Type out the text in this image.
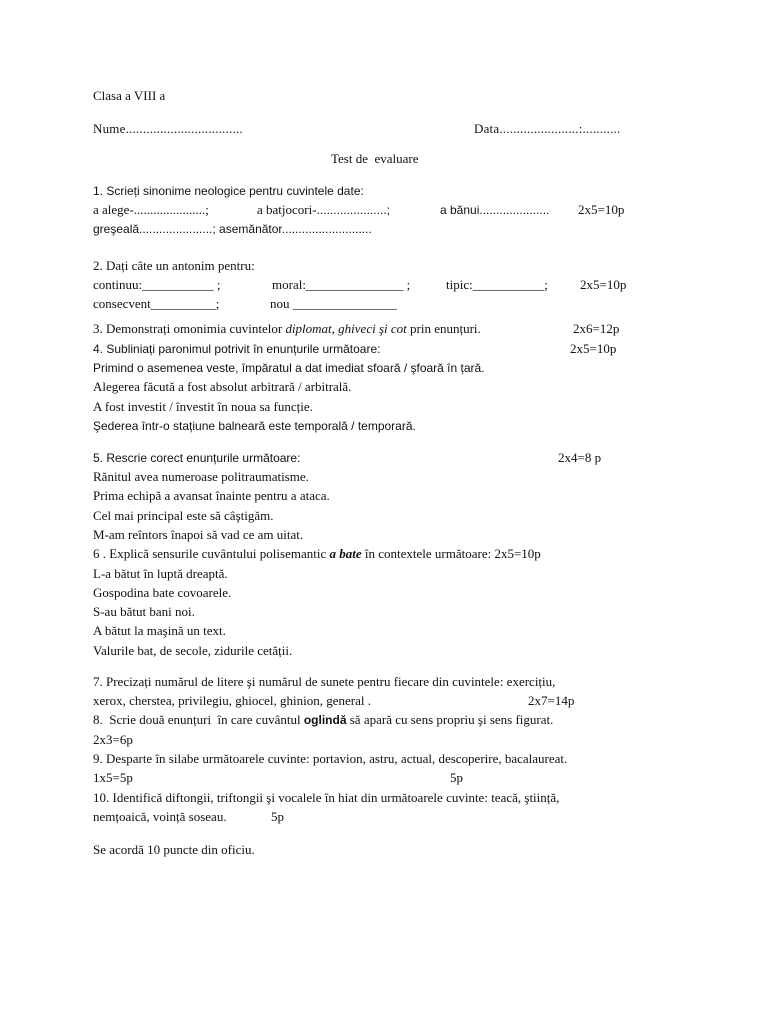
Clasa a VIII a
Nume..................................	Data.......................:...........
Test de  evaluare
1. Scrieți sinonime neologice pentru cuvintele date:
a alege-......................;	a batjocori-.....................;	a bănui..................... 2x5=10p
greşeală......................; asemănător...........................
2. Dați câte un antonim pentru:
continuu:___________ ;	moral:_______________ ;	tipic:___________; 2x5=10p
consecvent__________;	nou ________________
3. Demonstrați omonimia cuvintelor diplomat, ghiveci şi cot prin enunțuri.	2x6=12p
4. Subliniați paronimul potrivit în enunțurile următoare:	2x5=10p
Primind o asemenea veste, împăratul a dat imediat sfoară / şfoară în țară.
Alegerea făcută a fost absolut arbitrară / arbitrală.
A fost investit / învestit în noua sa funcție.
Şederea într-o stațiune balneară este temporală / temporară.
5. Rescrie corect enunțurile următoare:	2x4=8 p
Rănitul avea numeroase politraumatisme.
Prima echipă a avansat înainte pentru a ataca.
Cel mai principal este să câştigăm.
M-am reîntors înapoi să vad ce am uitat.
6 . Explică sensurile cuvântului polisemantic a bate în contextele următoare: 2x5=10p
L-a bătut în luptă dreaptă.
Gospodina bate covoarele.
S-au bătut bani noi.
A bătut la maşină un text.
Valurile bat, de secole, zidurile cetății.
7. Precizați numărul de litere şi numărul de sunete pentru fiecare din cuvintele: exercițiu,
xerox, cherstea, privilegiu, ghiocel, ghinion, general .	2x7=14p
8.  Scrie două enunțuri  în care cuvântul oglindă să apară cu sens propriu şi sens figurat.
2x3=6p
9. Desparte în silabe următoarele cuvinte: portavion, astru, actual, descoperire, bacalaureat.
1x5=5p	5p
10. Identifică diftongii, triftongii şi vocalele în hiat din următoarele cuvinte: teacă, ştiință,
nemțoaică, voință soseau.	5p
Se acordă 10 puncte din oficiu.
